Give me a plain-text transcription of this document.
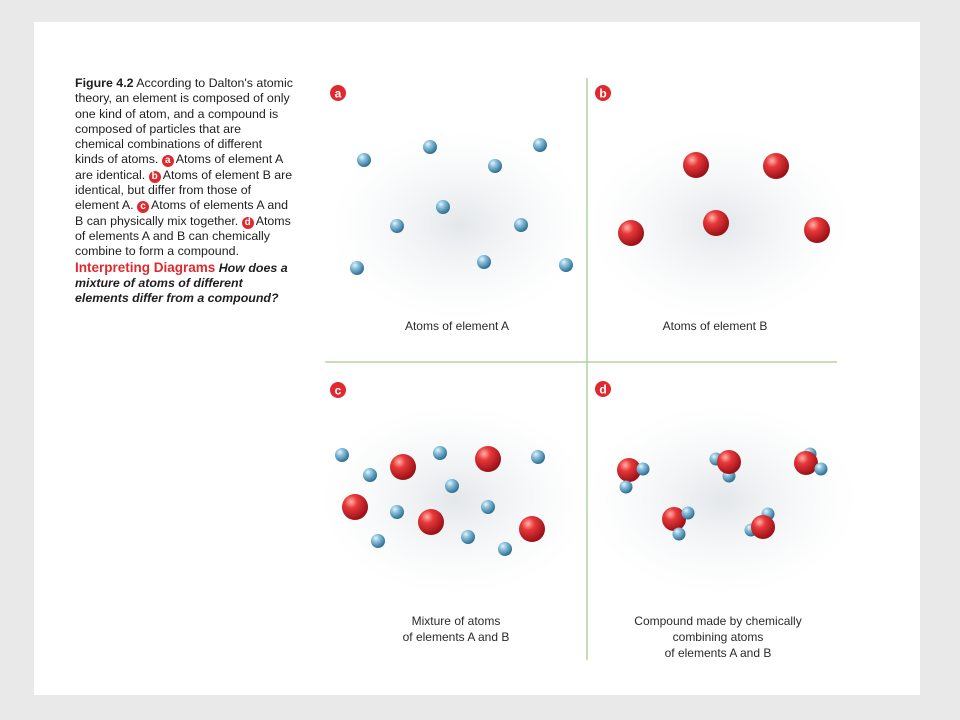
Figure 4.2 According to Dalton's atomic theory, an element is composed of only one kind of atom, and a compound is composed of particles that are chemical combinations of different kinds of atoms. a Atoms of element A are identical. b Atoms of element B are identical, but differ from those of element A. c Atoms of elements A and B can physically mix together. d Atoms of elements A and B can chemically combine to form a compound. Interpreting Diagrams How does a mixture of atoms of different elements differ from a compound?
a	b
c	d
Atoms of element A	Atoms of element B
Mixture of atoms
of elements A and B
Compound made by chemically
combining atoms
of elements A and B
